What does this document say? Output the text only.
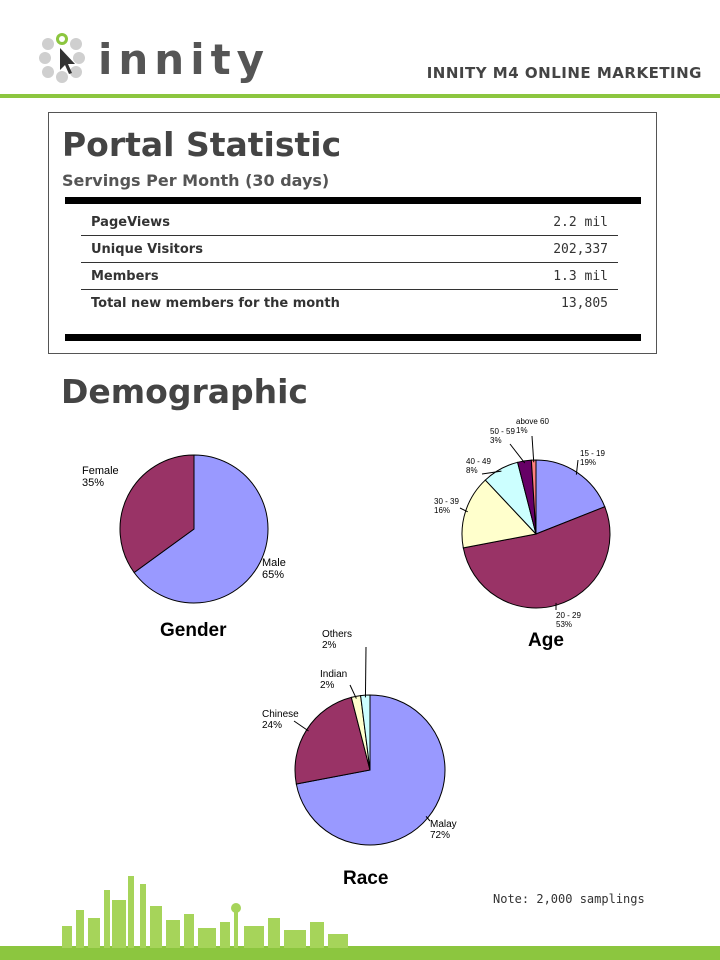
innity	INNITY M4 ONLINE MARKETING
Portal Statistic
Servings Per Month (30 days)
PageViews	2.2 mil
Unique Visitors	202,337
Members	1.3 mil
Total new members for the month	13,805
Demographic
Male
65%
Female
35%
Gender
15 - 19
19%
20 - 29
53%
30 - 39
16%
40 - 49
8%
50 - 59
3%
above 60
1%
Age
Malay
72%
Chinese
24%
Indian
2%
Others
2%
Race
Note: 2,000 samplings
